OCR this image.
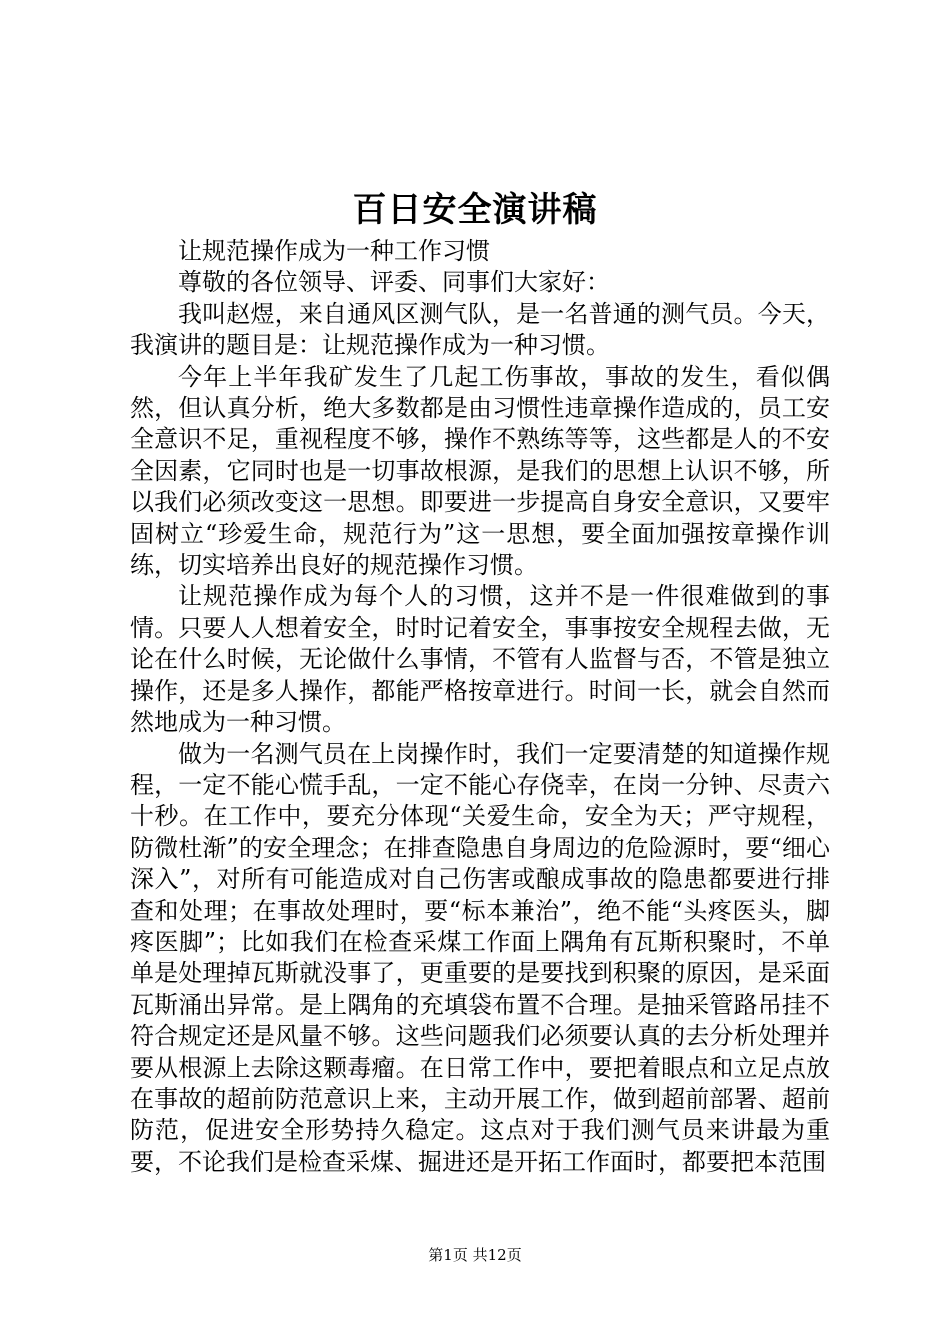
百日安全演讲稿

让规范操作成为一种工作习惯

尊敬的各位领导、评委、同事们大家好：

我叫赵煜，来自通风区测气队，是一名普通的测气员。今天，我演讲的题目是：让规范操作成为一种习惯。

今年上半年我矿发生了几起工伤事故，事故的发生，看似偶然，但认真分析，绝大多数都是由习惯性违章操作造成的，员工安全意识不足，重视程度不够，操作不熟练等等，这些都是人的不安全因素，它同时也是一切事故根源，是我们的思想上认识不够，所以我们必须改变这一思想。即要进一步提高自身安全意识，又要牢固树立“珍爱生命，规范行为”这一思想，要全面加强按章操作训练，切实培养出良好的规范操作习惯。

让规范操作成为每个人的习惯，这并不是一件很难做到的事情。只要人人想着安全，时时记着安全，事事按安全规程去做，无论在什么时候，无论做什么事情，不管有人监督与否，不管是独立操作，还是多人操作，都能严格按章进行。时间一长，就会自然而然地成为一种习惯。

做为一名测气员在上岗操作时，我们一定要清楚的知道操作规程，一定不能心慌手乱，一定不能心存侥幸，在岗一分钟、尽责六十秒。在工作中，要充分体现“关爱生命，安全为天；严守规程，防微杜渐”的安全理念；在排查隐患自身周边的危险源时，要“细心深入”，对所有可能造成对自己伤害或酿成事故的隐患都要进行排查和处理；在事故处理时，要“标本兼治”，绝不能“头疼医头，脚疼医脚”；比如我们在检查采煤工作面上隅角有瓦斯积聚时，不单单是处理掉瓦斯就没事了，更重要的是要找到积聚的原因，是采面瓦斯涌出异常。是上隅角的充填袋布置不合理。是抽采管路吊挂不符合规定还是风量不够。这些问题我们必须要认真的去分析处理并要从根源上去除这颗毒瘤。在日常工作中，要把着眼点和立足点放在事故的超前防范意识上来，主动开展工作，做到超前部署、超前防范，促进安全形势持久稳定。这点对于我们测气员来讲最为重要，不论我们是检查采煤、掘进还是开拓工作面时，都要把本范围

第1页 共12页
